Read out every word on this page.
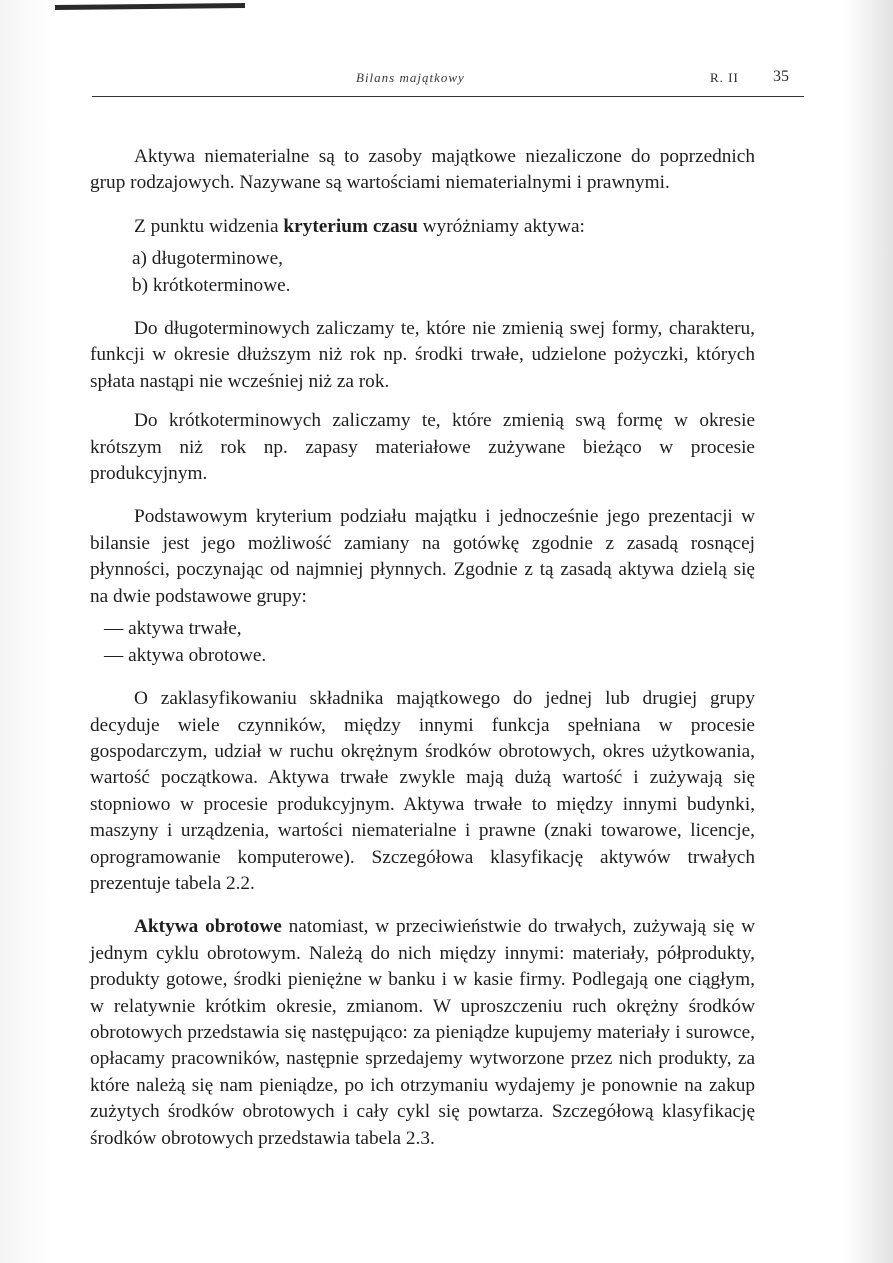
Bilans majątkowy	R. II 35

Aktywa niematerialne są to zasoby majątkowe niezaliczone do poprzednich grup rodzajowych. Nazywane są wartościami niematerialnymi i prawnymi.

Z punktu widzenia kryterium czasu wyróżniamy aktywa:

a) długoterminowe,
b) krótkoterminowe.

Do długoterminowych zaliczamy te, które nie zmienią swej formy, charakteru, funkcji w okresie dłuższym niż rok np. środki trwałe, udzielone pożyczki, których spłata nastąpi nie wcześniej niż za rok.

Do krótkoterminowych zaliczamy te, które zmienią swą formę w okresie krótszym niż rok np. zapasy materiałowe zużywane bieżąco w procesie produkcyjnym.

Podstawowym kryterium podziału majątku i jednocześnie jego prezentacji w bilansie jest jego możliwość zamiany na gotówkę zgodnie z zasadą rosnącej płynności, poczynając od najmniej płynnych. Zgodnie z tą zasadą aktywa dzielą się na dwie podstawowe grupy:

— aktywa trwałe,
— aktywa obrotowe.

O zaklasyfikowaniu składnika majątkowego do jednej lub drugiej grupy decyduje wiele czynników, między innymi funkcja spełniana w procesie gospodarczym, udział w ruchu okrężnym środków obrotowych, okres użytkowania, wartość początkowa. Aktywa trwałe zwykle mają dużą wartość i zużywają się stopniowo w procesie produkcyjnym. Aktywa trwałe to między innymi budynki, maszyny i urządzenia, wartości niematerialne i prawne (znaki towarowe, licencje, oprogramowanie komputerowe). Szczegółowa klasyfikację aktywów trwałych prezentuje tabela 2.2.

Aktywa obrotowe natomiast, w przeciwieństwie do trwałych, zużywają się w jednym cyklu obrotowym. Należą do nich między innymi: materiały, półprodukty, produkty gotowe, środki pieniężne w banku i w kasie firmy. Podlegają one ciągłym, w relatywnie krótkim okresie, zmianom. W uproszczeniu ruch okrężny środków obrotowych przedstawia się następująco: za pieniądze kupujemy materiały i surowce, opłacamy pracowników, następnie sprzedajemy wytworzone przez nich produkty, za które należą się nam pieniądze, po ich otrzymaniu wydajemy je ponownie na zakup zużytych środków obrotowych i cały cykl się powtarza. Szczegółową klasyfikację środków obrotowych przedstawia tabela 2.3.
